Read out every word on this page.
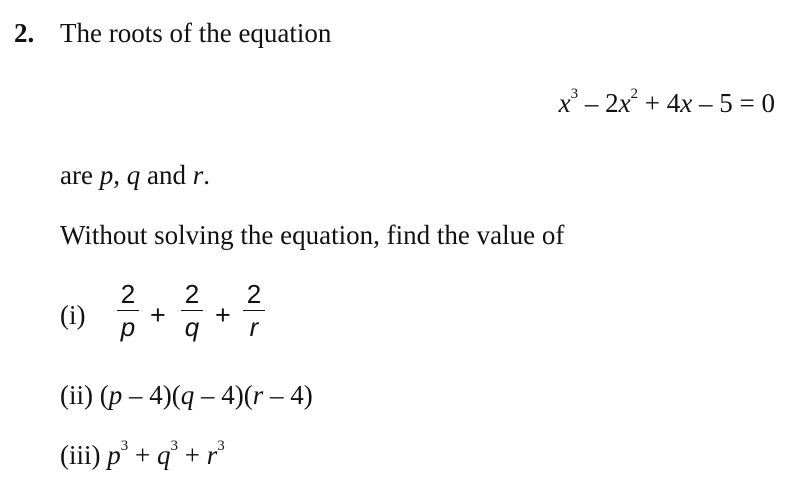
2. The roots of the equation
$x^3 - 2x^2 + 4x - 5 = 0$
are p, q and r.
Without solving the equation, find the value of
(i)
2
p +
2
q +
2
r
(ii) (p – 4)(q – 4)(r – 4)
(iii) $p^3 + q^3 + r^3$
